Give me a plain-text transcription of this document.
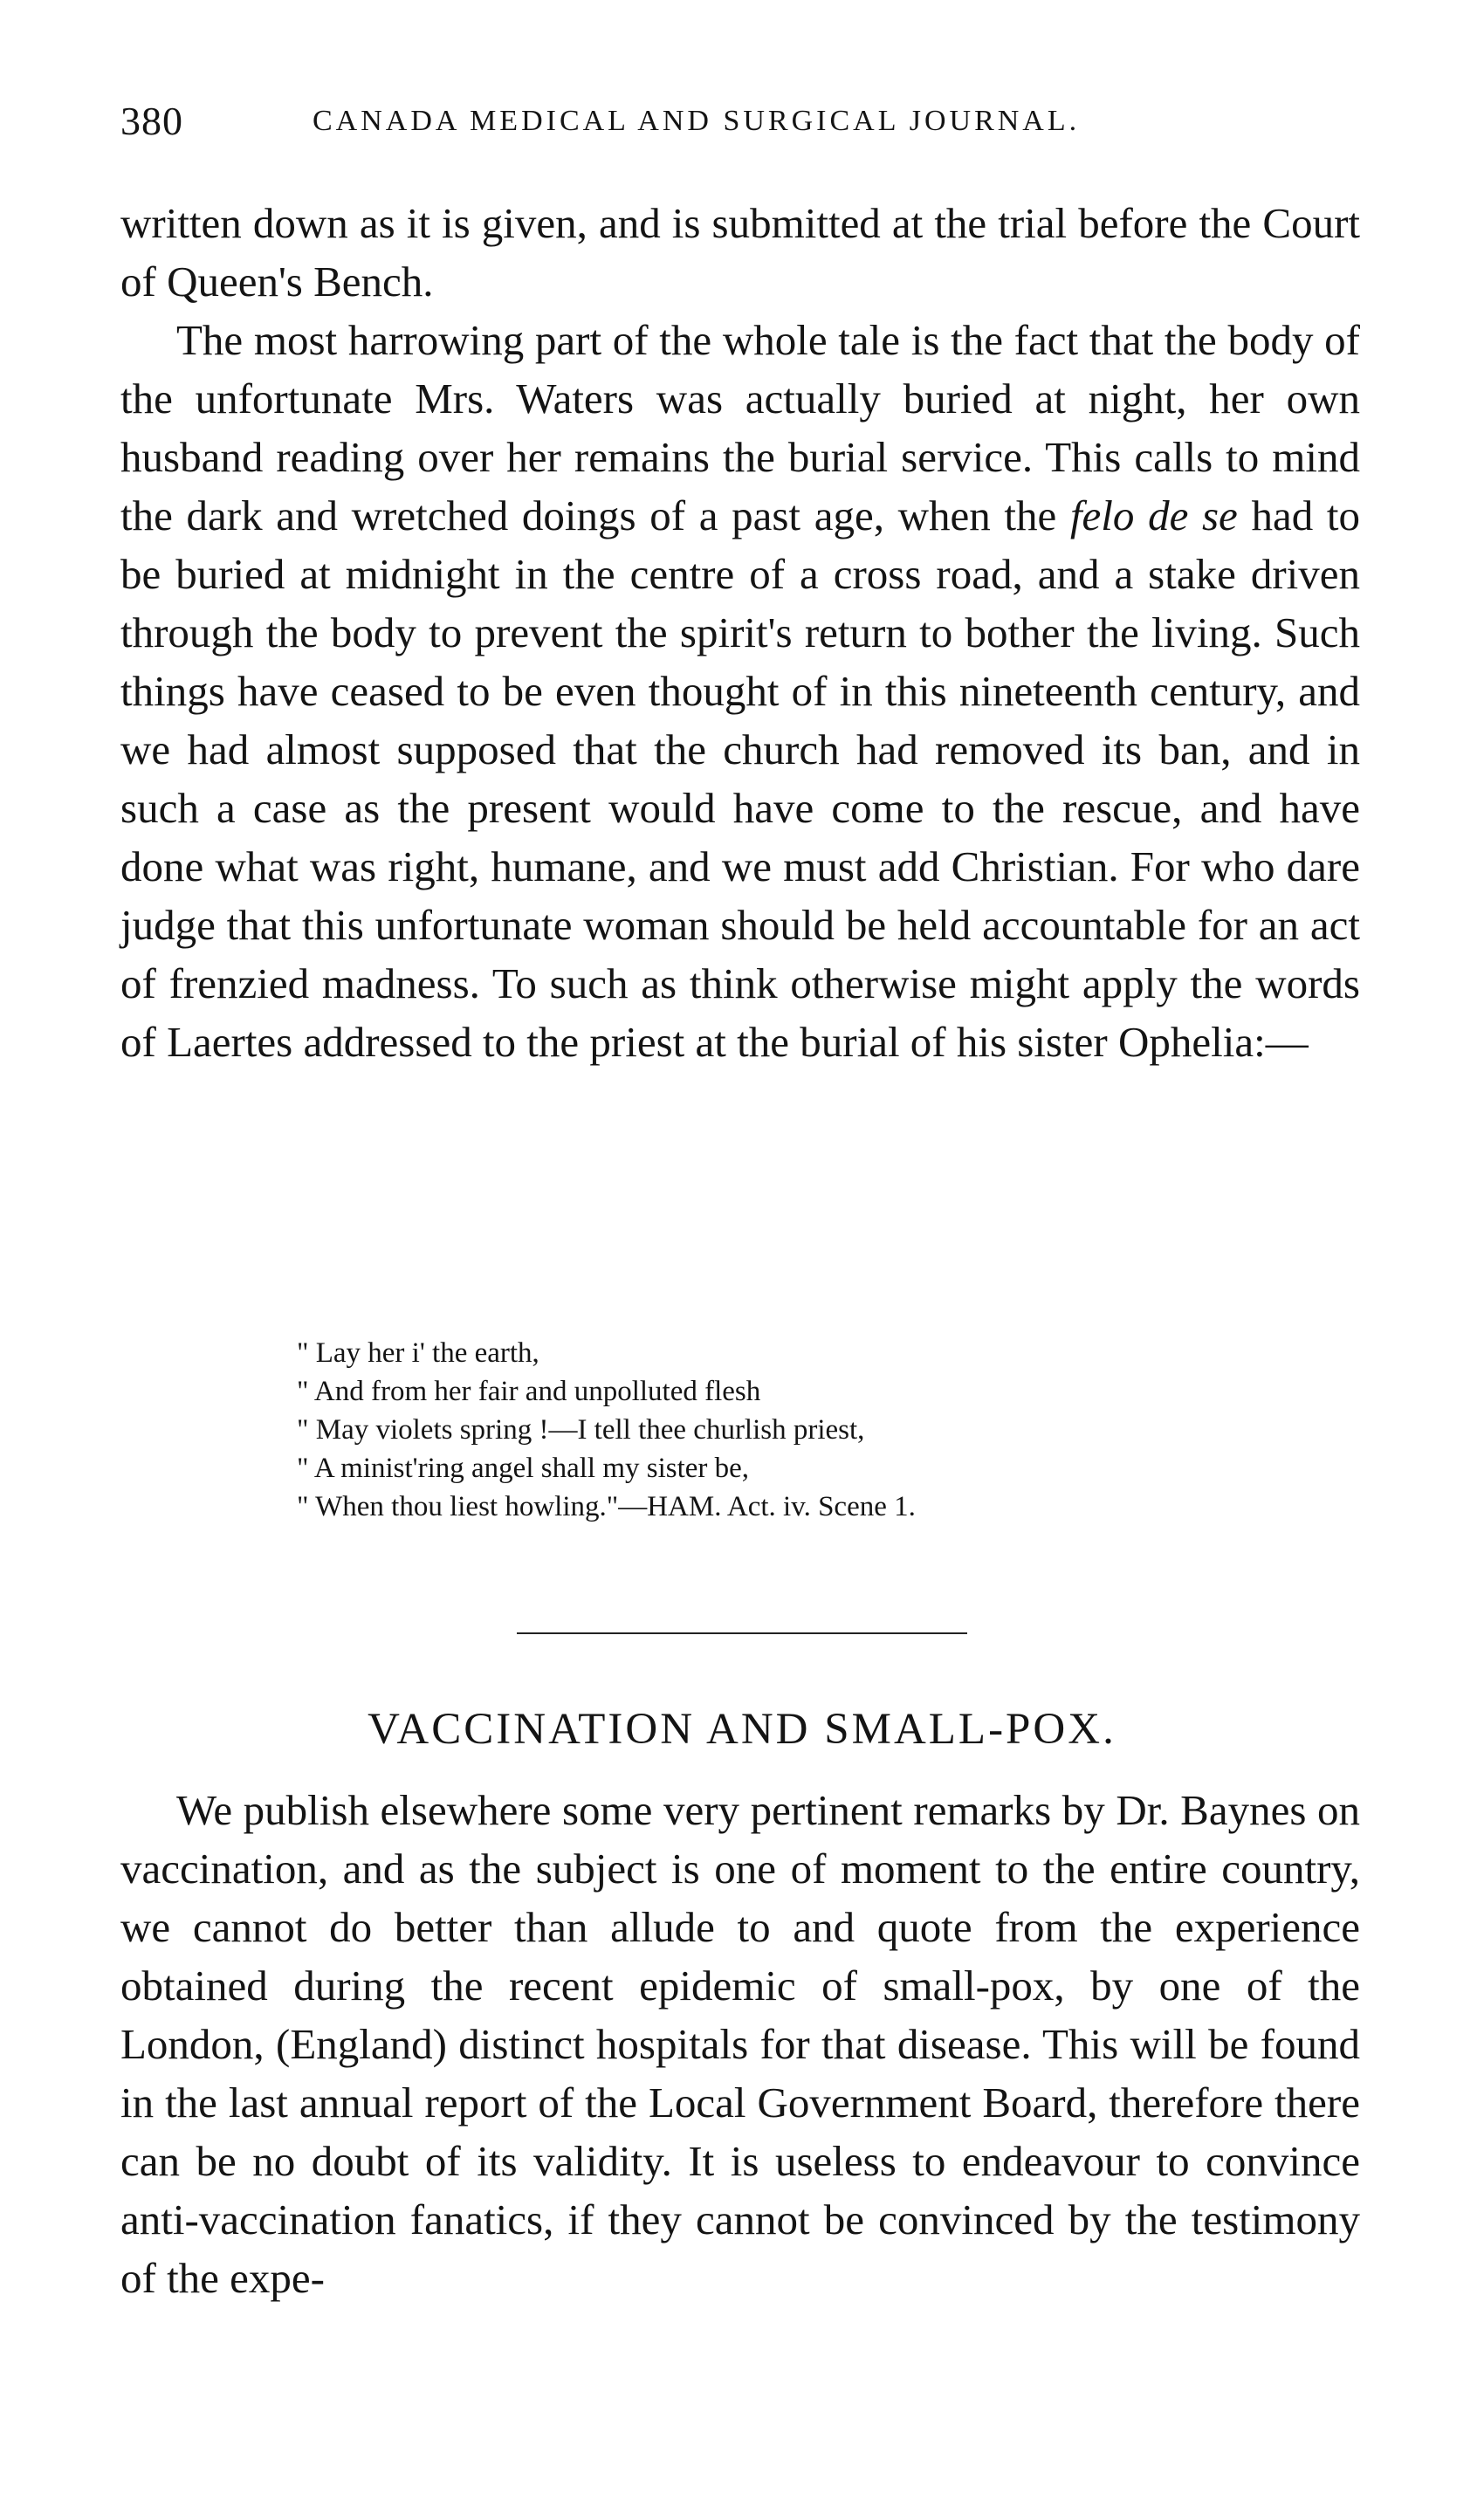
380	CANADA MEDICAL AND SURGICAL JOURNAL.

written down as it is given, and is submitted at the trial before the Court of Queen's Bench.

The most harrowing part of the whole tale is the fact that the body of the unfortunate Mrs. Waters was actually buried at night, her own husband reading over her remains the burial service. This calls to mind the dark and wretched doings of a past age, when the felo de se had to be buried at midnight in the centre of a cross road, and a stake driven through the body to prevent the spirit's return to bother the living. Such things have ceased to be even thought of in this nineteenth century, and we had almost supposed that the church had removed its ban, and in such a case as the present would have come to the rescue, and have done what was right, humane, and we must add Christian. For who dare judge that this unfortunate woman should be held accountable for an act of frenzied madness. To such as think otherwise might apply the words of Laertes addressed to the priest at the burial of his sister Ophelia:—

" Lay her i' the earth,
" And from her fair and unpolluted flesh
" May violets spring !—I tell thee churlish priest,
" A minist'ring angel shall my sister be,
" When thou liest howling."—HAM. Act. iv. Scene 1.
VACCINATION AND SMALL-POX.

We publish elsewhere some very pertinent remarks by Dr. Baynes on vaccination, and as the subject is one of moment to the entire country, we cannot do better than allude to and quote from the experience obtained during the recent epidemic of small-pox, by one of the London, (England) distinct hospitals for that disease. This will be found in the last annual report of the Local Government Board, therefore there can be no doubt of its validity. It is useless to endeavour to convince anti-vaccination fanatics, if they cannot be convinced by the testimony of the expe-
